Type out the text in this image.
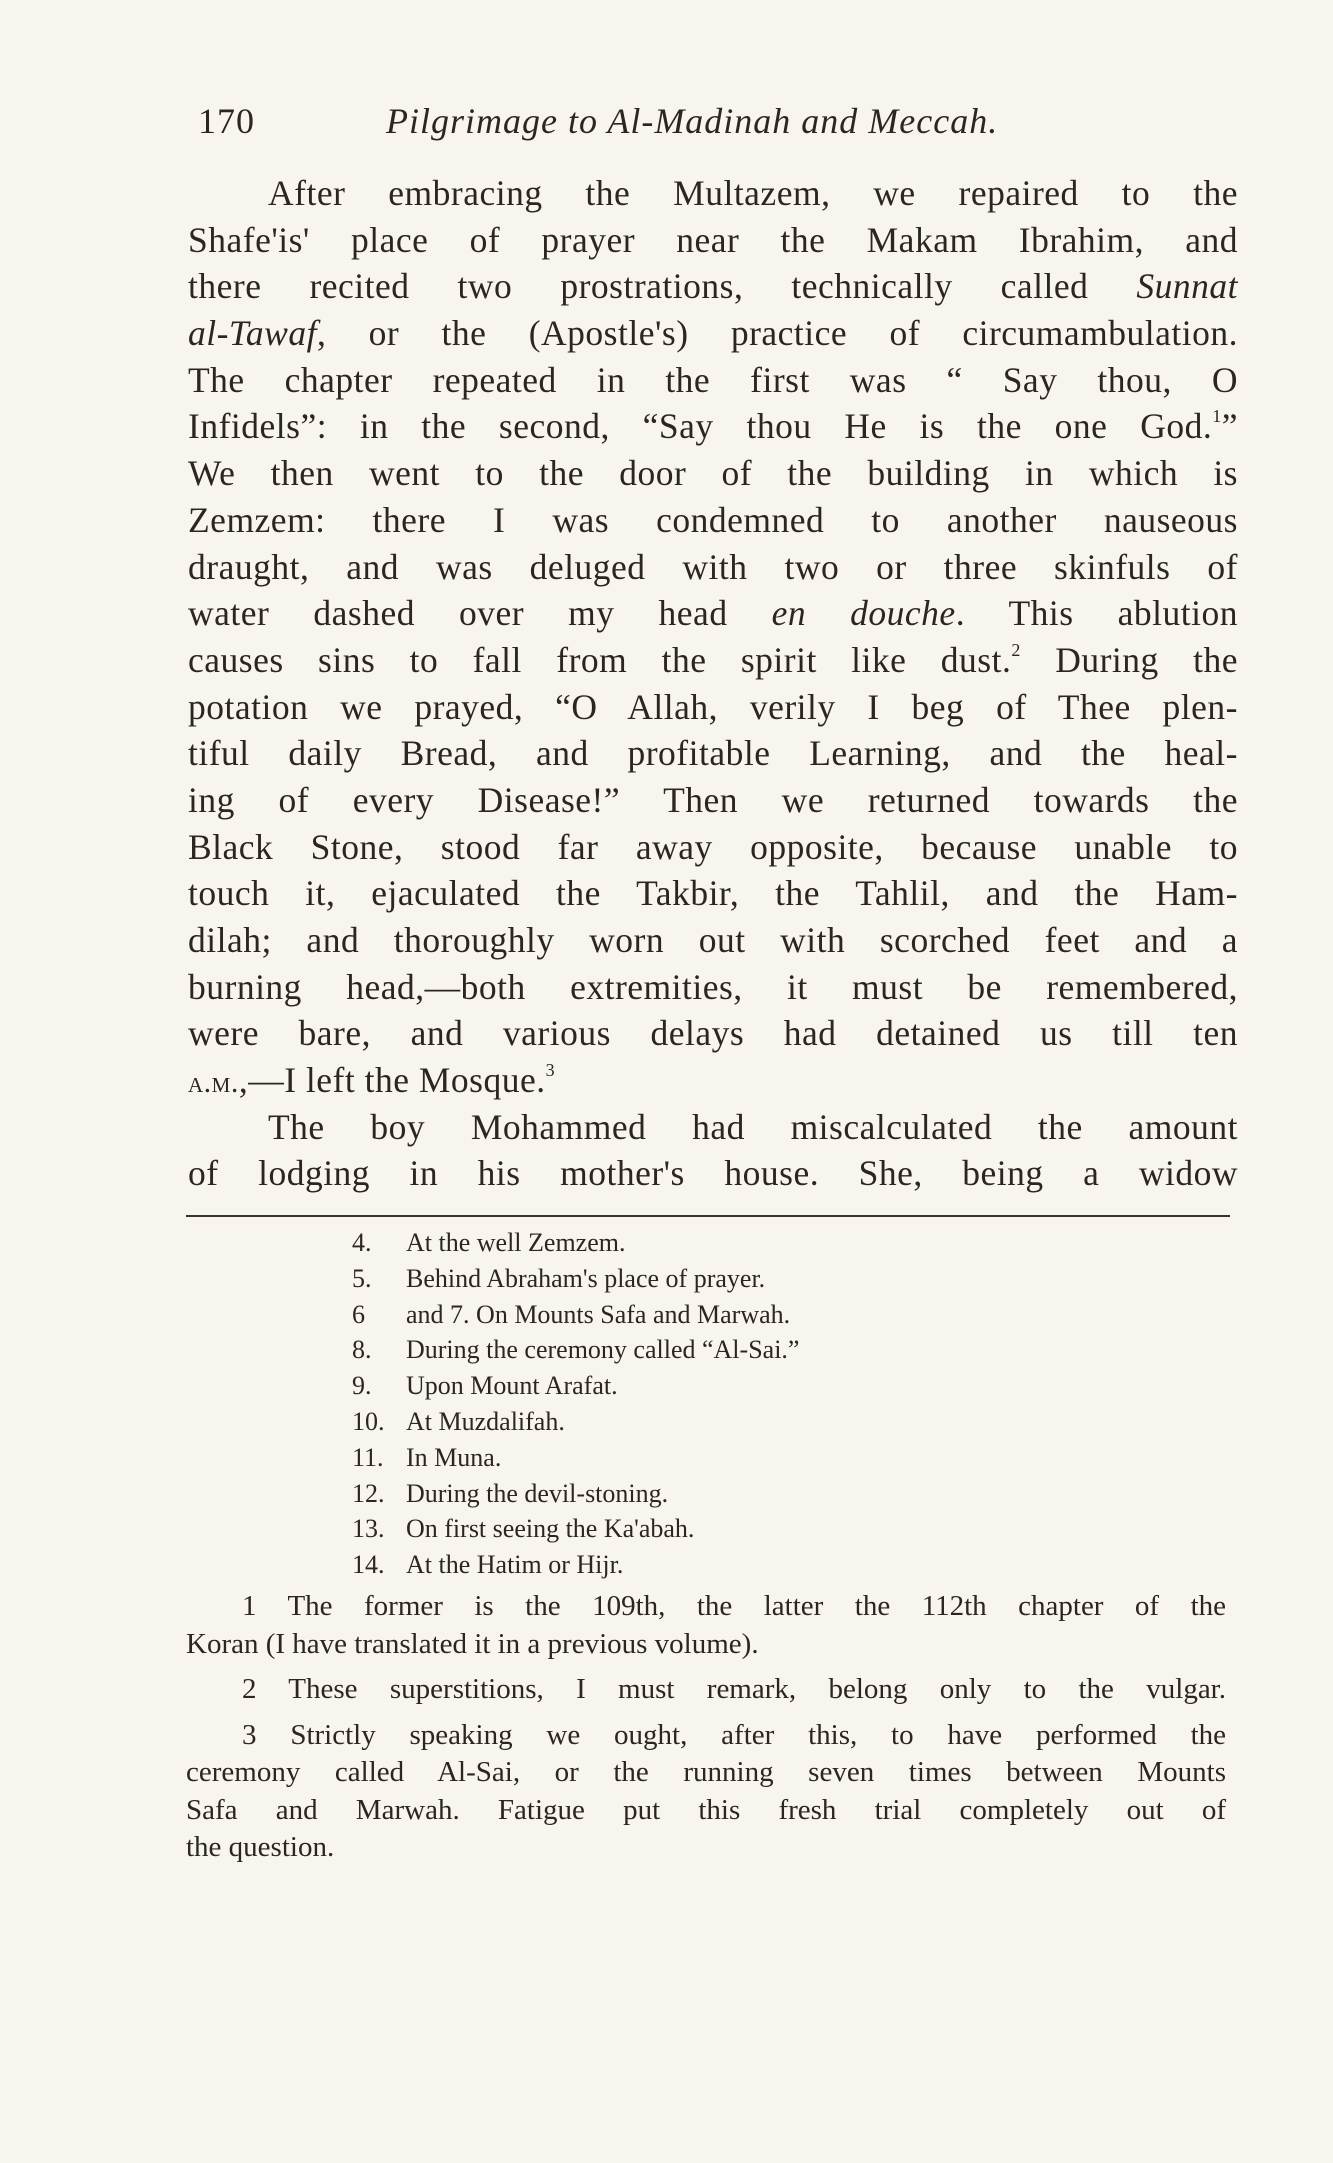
170	Pilgrimage to Al-Madinah and Meccah.
After embracing the Multazem, we repaired to the
Shafe'is' place of prayer near the Makam Ibrahim, and
there recited two prostrations, technically called Sunnat
al-Tawaf, or the (Apostle's) practice of circumambulation.
The chapter repeated in the first was “ Say thou, O
Infidels”: in the second, “Say thou He is the one God.$^1$”
We then went to the door of the building in which is
Zemzem: there I was condemned to another nauseous
draught, and was deluged with two or three skinfuls of
water dashed over my head en douche. This ablution
causes sins to fall from the spirit like dust.$^2$ During the
potation we prayed, “O Allah, verily I beg of Thee plen-
tiful daily Bread, and profitable Learning, and the heal-
ing of every Disease!” Then we returned towards the
Black Stone, stood far away opposite, because unable to
touch it, ejaculated the Takbir, the Tahlil, and the Ham-
dilah; and thoroughly worn out with scorched feet and a
burning head,—both extremities, it must be remembered,
were bare, and various delays had detained us till ten
a.m.,—I left the Mosque.$^3$
The boy Mohammed had miscalculated the amount
of lodging in his mother's house. She, being a widow
4.	At the well Zemzem.
5.	Behind Abraham's place of prayer.
6	and 7. On Mounts Safa and Marwah.
8.	During the ceremony called “Al-Sai.”
9.	Upon Mount Arafat.
10. At Muzdalifah.
11. In Muna.
12. During the devil-stoning.
13. On first seeing the Ka'abah.
14. At the Hatim or Hijr.
1 The former is the 109th, the latter the 112th chapter of the
Koran (I have translated it in a previous volume).
2 These superstitions, I must remark, belong only to the vulgar.
3 Strictly speaking we ought, after this, to have performed the
ceremony called Al-Sai, or the running seven times between Mounts
Safa and Marwah. Fatigue put this fresh trial completely out of
the question.
